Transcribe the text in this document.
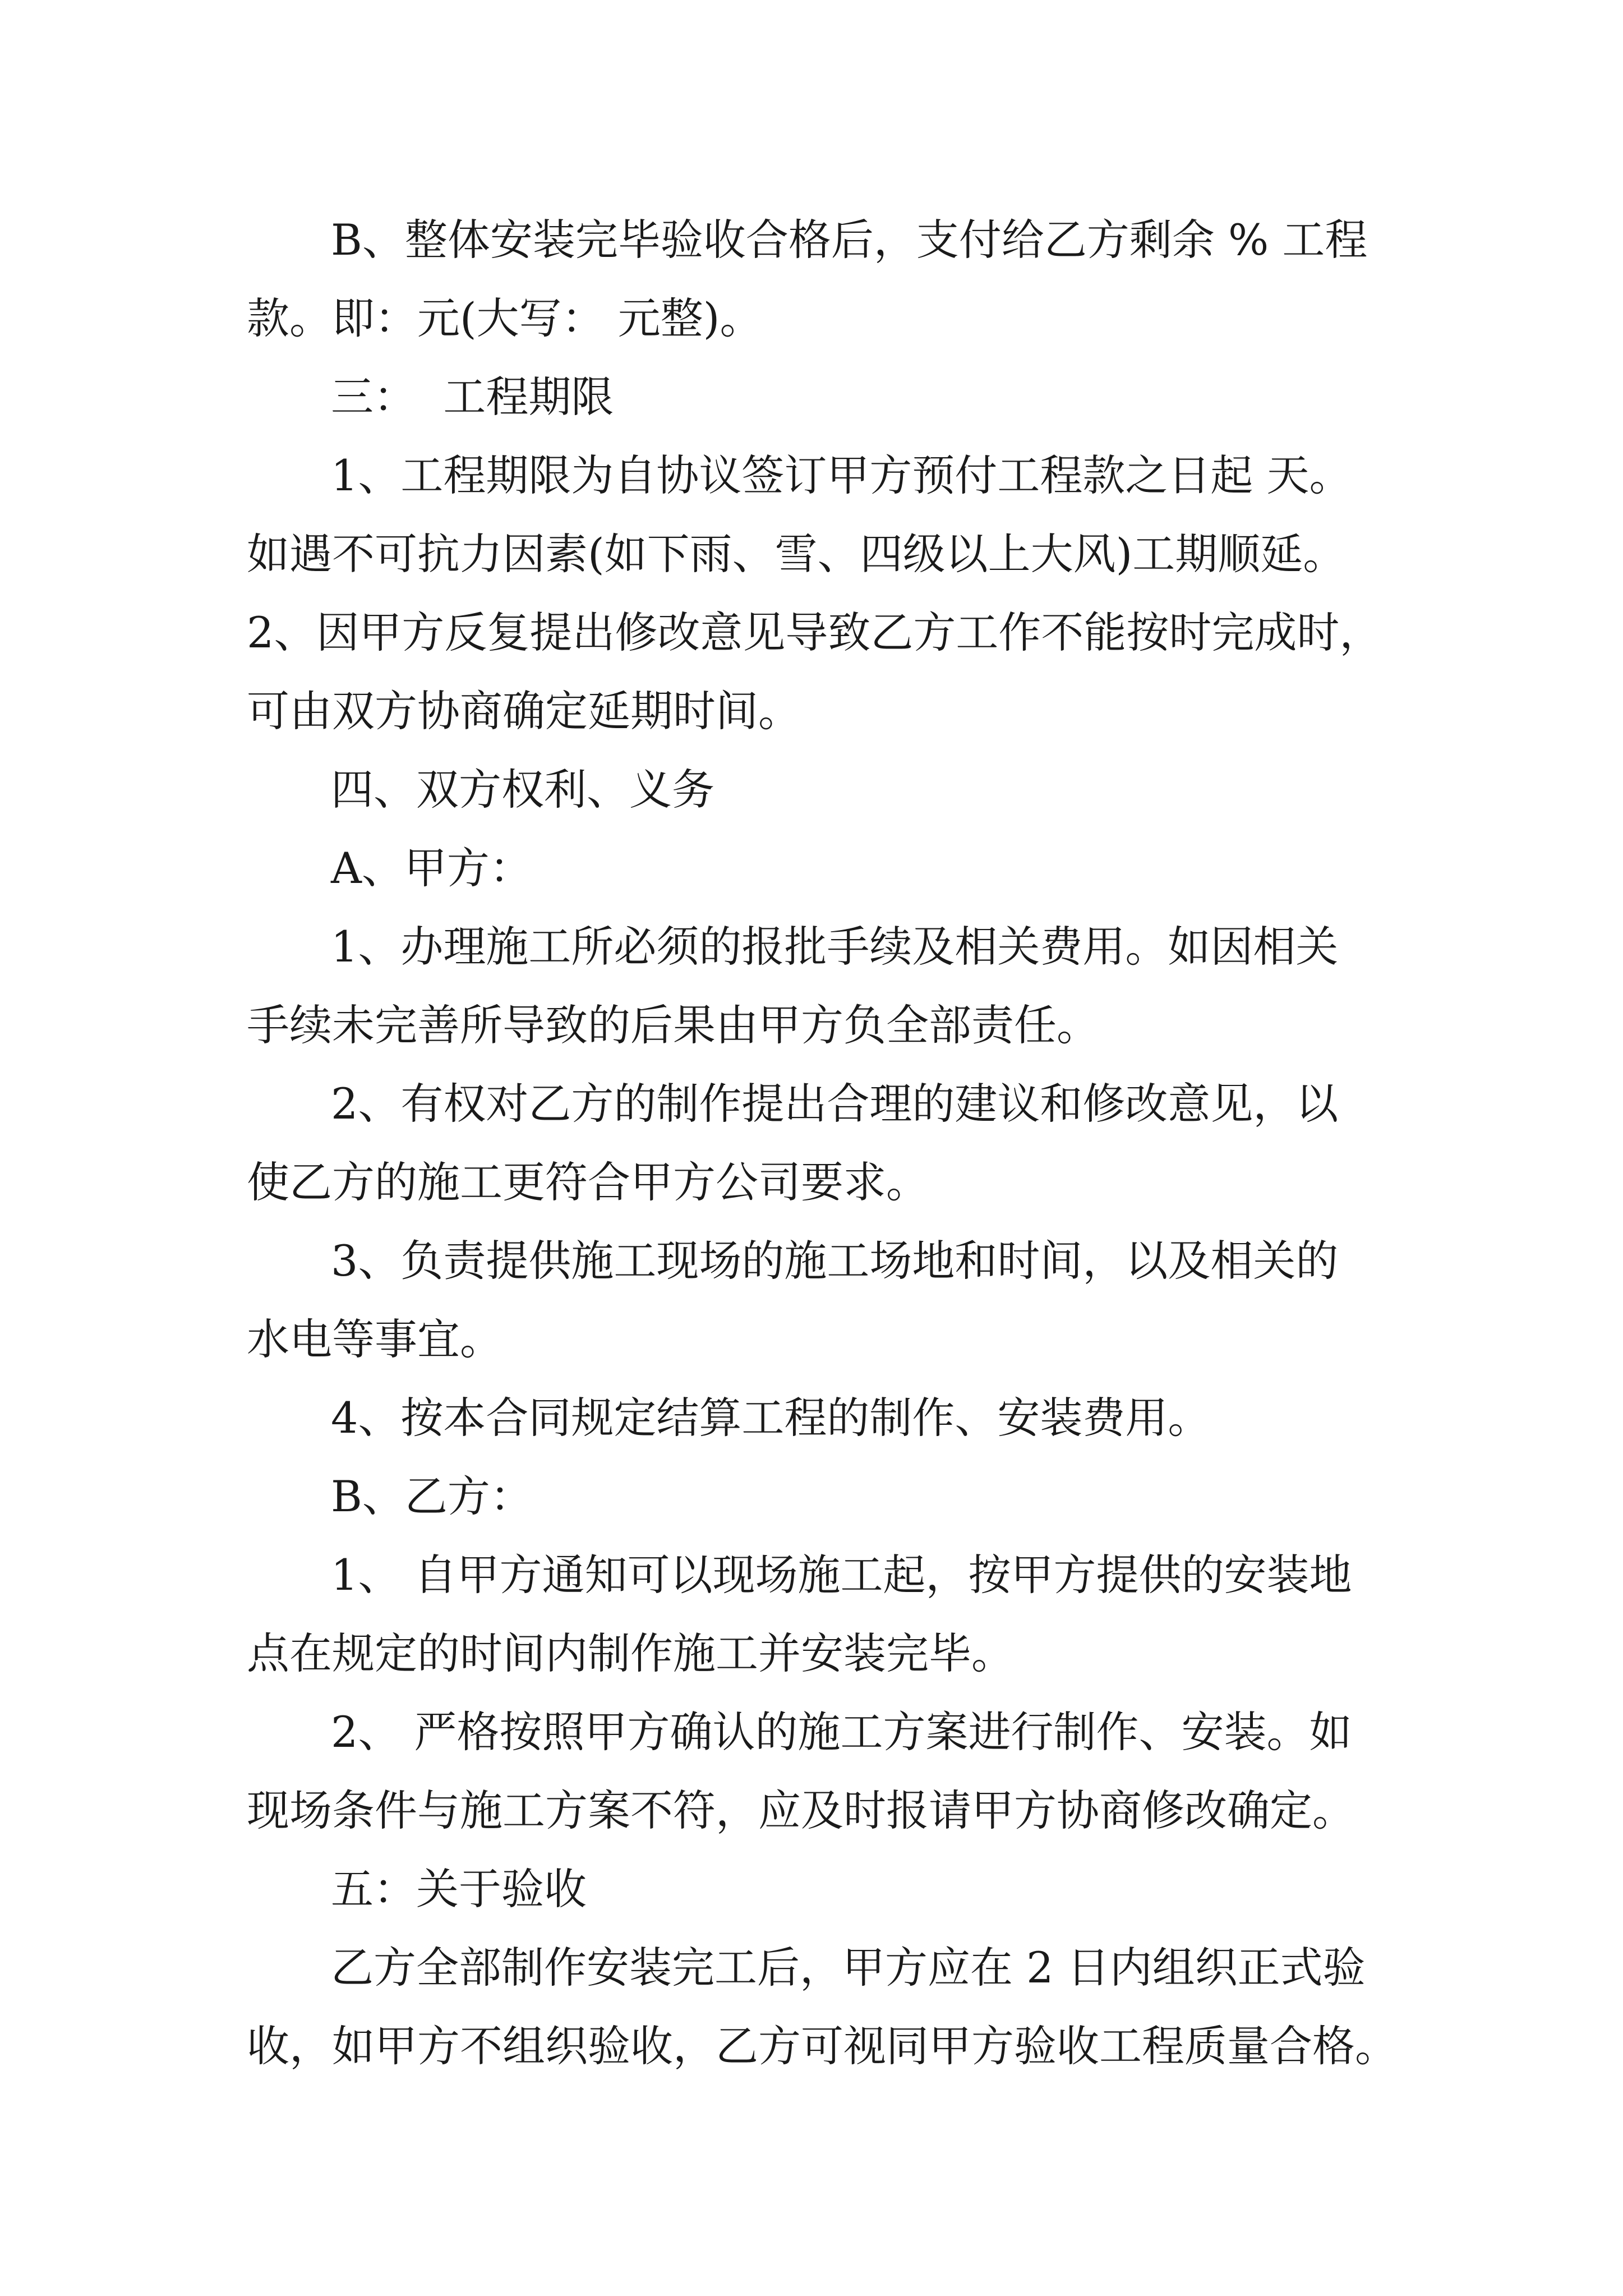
B、整体安装完毕验收合格后，支付给乙方剩余 % 工程
款。即：元(大写： 元整)。
三：  工程期限
1、工程期限为自协议签订甲方预付工程款之日起 天。
如遇不可抗力因素(如下雨、雪、四级以上大风)工期顺延。
2、因甲方反复提出修改意见导致乙方工作不能按时完成时，
可由双方协商确定延期时间。
四、双方权利、义务
A、甲方：
1、办理施工所必须的报批手续及相关费用。如因相关
手续未完善所导致的后果由甲方负全部责任。
2、有权对乙方的制作提出合理的建议和修改意见，以
使乙方的施工更符合甲方公司要求。
3、负责提供施工现场的施工场地和时间，以及相关的
水电等事宜。
4、按本合同规定结算工程的制作、安装费用。
B、乙方：
1、 自甲方通知可以现场施工起，按甲方提供的安装地
点在规定的时间内制作施工并安装完毕。
2、 严格按照甲方确认的施工方案进行制作、安装。如
现场条件与施工方案不符，应及时报请甲方协商修改确定。
五：关于验收
乙方全部制作安装完工后，甲方应在 2 日内组织正式验
收，如甲方不组织验收，乙方可视同甲方验收工程质量合格。
